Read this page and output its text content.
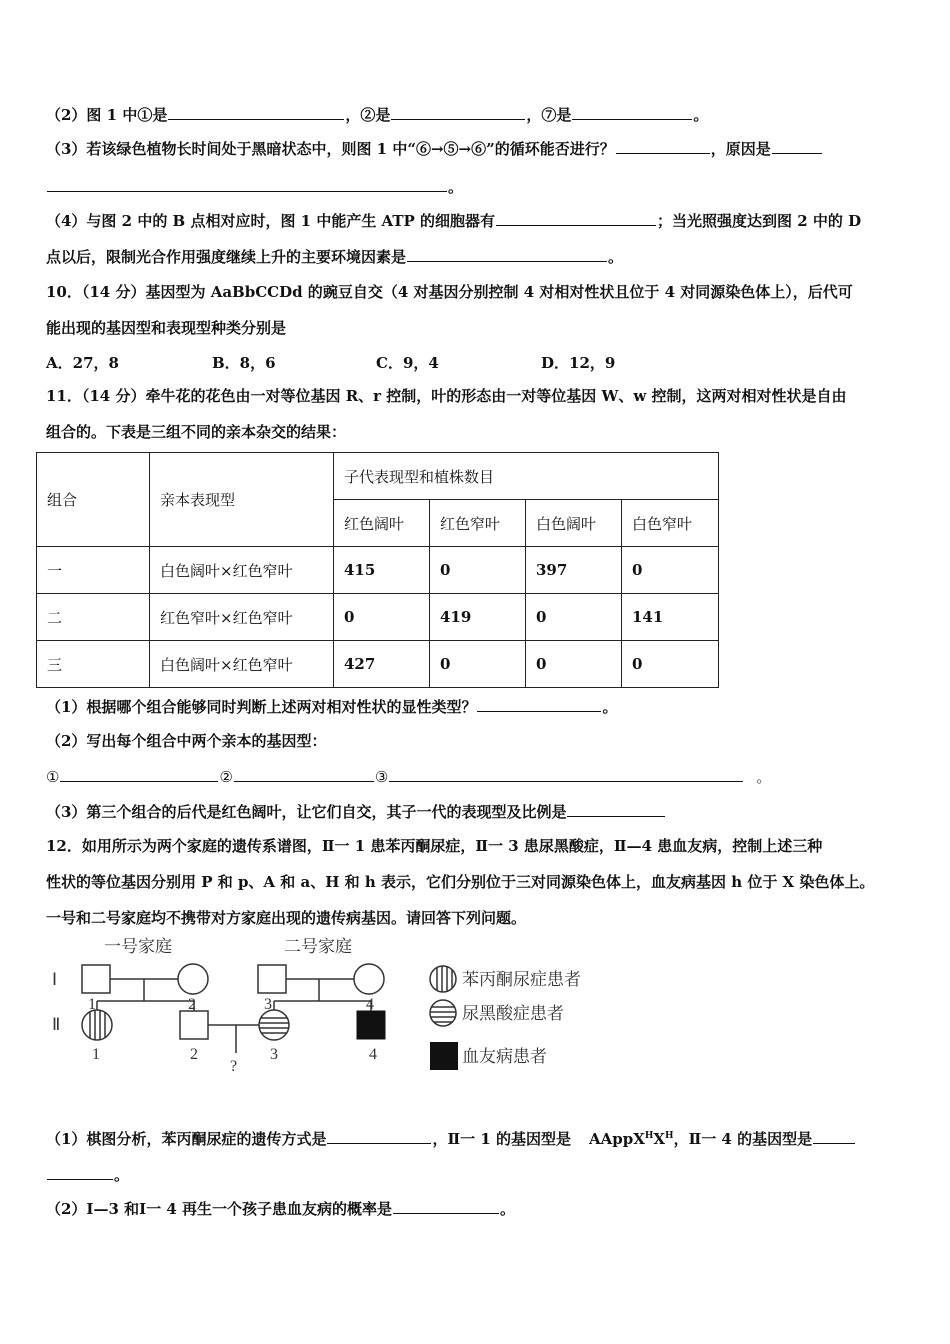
（2）图 1 中①是	，②是	，⑦是	。
（3）若该绿色植物长时间处于黑暗状态中，则图 1 中“⑥→⑤→⑥”的循环能否进行？	，原因是
。
（4）与图 2 中的 B 点相对应时，图 1 中能产生 ATP 的细胞器有	；当光照强度达到图 2 中的 D
点以后，限制光合作用强度继续上升的主要环境因素是	。
10．（14 分）基因型为 AaBbCCDd 的豌豆自交（4 对基因分别控制 4 对相对性状且位于 4 对同源染色体上），后代可
能出现的基因型和表现型种类分别是
A．27，8	B．8，6	C．9，4	D．12，9
11．（14 分）牵牛花的花色由一对等位基因 R、r 控制，叶的形态由一对等位基因 W、w 控制，这两对相对性状是自由
组合的。下表是三组不同的亲本杂交的结果：
组合	亲本表现型	子代表现型和植株数目			
		红色阔叶	红色窄叶	白色阔叶	白色窄叶
一	白色阔叶×红色窄叶	415	0	397	0
二	红色窄叶×红色窄叶	0	419	0	141
三	白色阔叶×红色窄叶	427	0	0	0
（1）根据哪个组合能够同时判断上述两对相对性状的显性类型？	。
（2）写出每个组合中两个亲本的基因型：
①	②	③	。
（3）第三个组合的后代是红色阔叶，让它们自交，其子一代的表现型及比例是
12．如用所示为两个家庭的遗传系谱图，Ⅱ一 1 患苯丙酮尿症，Ⅱ一 3 患尿黑酸症，Ⅱ—4 患血友病，控制上述三种
性状的等位基因分别用 P 和 p、A 和 a、H 和 h 表示，它们分别位于三对同源染色体上，血友病基因 h 位于 X 染色体上。
一号和二号家庭均不携带对方家庭出现的遗传病基因。请回答下列问题。
一号家庭	二号家庭
Ⅰ
Ⅱ
1	2	3	4
1	2	3	4
?
苯丙酮尿症患者
尿黑酸症患者
血友病患者
（1）棋图分析，苯丙酮尿症的遗传方式是	，Ⅱ一 1 的基因型是 $AAppX^HX^H$，Ⅱ一 4 的基因型是
。
（2）Ⅰ—3 和Ⅰ一 4 再生一个孩子患血友病的概率是	。
